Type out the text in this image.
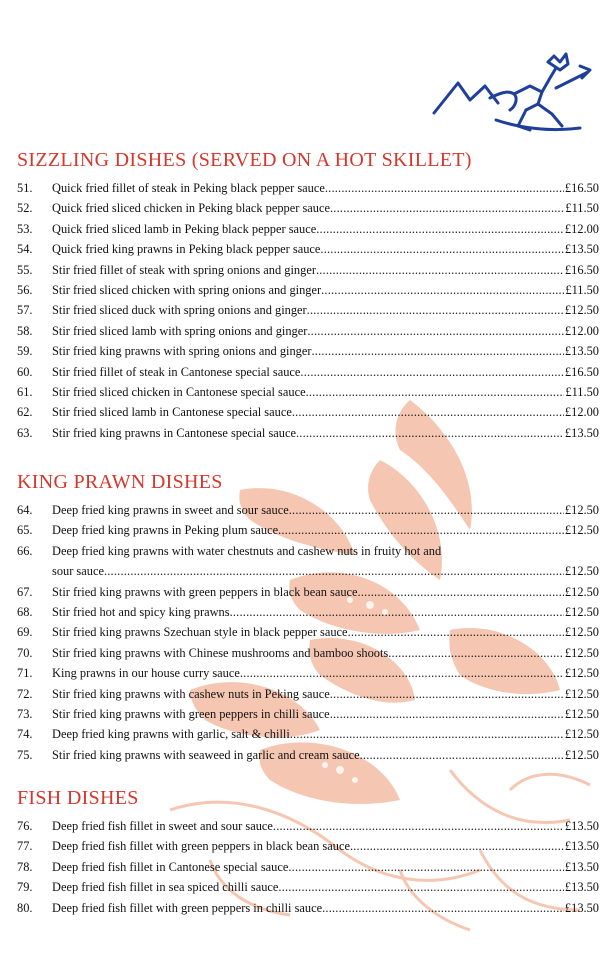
SIZZLING DISHES (SERVED ON A HOT SKILLET)
51.	Quick fried fillet of steak in Peking black pepper sauce .....	£16.50
52.	Quick fried sliced chicken in Peking black pepper sauce .....	£11.50
53.	Quick fried sliced lamb in Peking black pepper sauce .....	£12.00
54.	Quick fried king prawns in Peking black pepper sauce .....	£13.50
55.	Stir fried fillet of steak with spring onions and ginger .....	£16.50
56.	Stir fried sliced chicken with spring onions and ginger .....	£11.50
57.	Stir fried sliced duck with spring onions and ginger .....	£12.50
58.	Stir fried sliced lamb with spring onions and ginger .....	£12.00
59.	Stir fried king prawns with spring onions and ginger .....	£13.50
60.	Stir fried fillet of steak in Cantonese special sauce .....	£16.50
61.	Stir fried sliced chicken in Cantonese special sauce .....	£11.50
62.	Stir fried sliced lamb in Cantonese special sauce .....	£12.00
63.	Stir fried king prawns in Cantonese special sauce .....	£13.50
KING PRAWN DISHES
64.	Deep fried king prawns in sweet and sour sauce .....	£12.50
65.	Deep fried king prawns in Peking plum sauce .....	£12.50
66.	Deep fried king prawns with water chestnuts and cashew nuts in fruity hot and
sour sauce .....	£12.50
67.	Stir fried king prawns with green peppers in black bean sauce .....	£12.50
68.	Stir fried hot and spicy king prawns .....	£12.50
69.	Stir fried king prawns Szechuan style in black pepper sauce .....	£12.50
70.	Stir fried king prawns with Chinese mushrooms and bamboo shoots .....	£12.50
71.	King prawns in our house curry sauce .....	£12.50
72.	Stir fried king prawns with cashew nuts in Peking sauce .....	£12.50
73.	Stir fried king prawns with green peppers in chilli sauce .....	£12.50
74.	Deep fried king prawns with garlic, salt & chilli .....	£12.50
75.	Stir fried king prawns with seaweed in garlic and cream sauce .....	£12.50
FISH DISHES
76.	Deep fried fish fillet in sweet and sour sauce .....	£13.50
77.	Deep fried fish fillet with green peppers in black bean sauce .....	£13.50
78.	Deep fried fish fillet in Cantonese special sauce .....	£13.50
79.	Deep fried fish fillet in sea spiced chilli sauce .....	£13.50
80.	Deep fried fish fillet with green peppers in chilli sauce .....	£13.50
